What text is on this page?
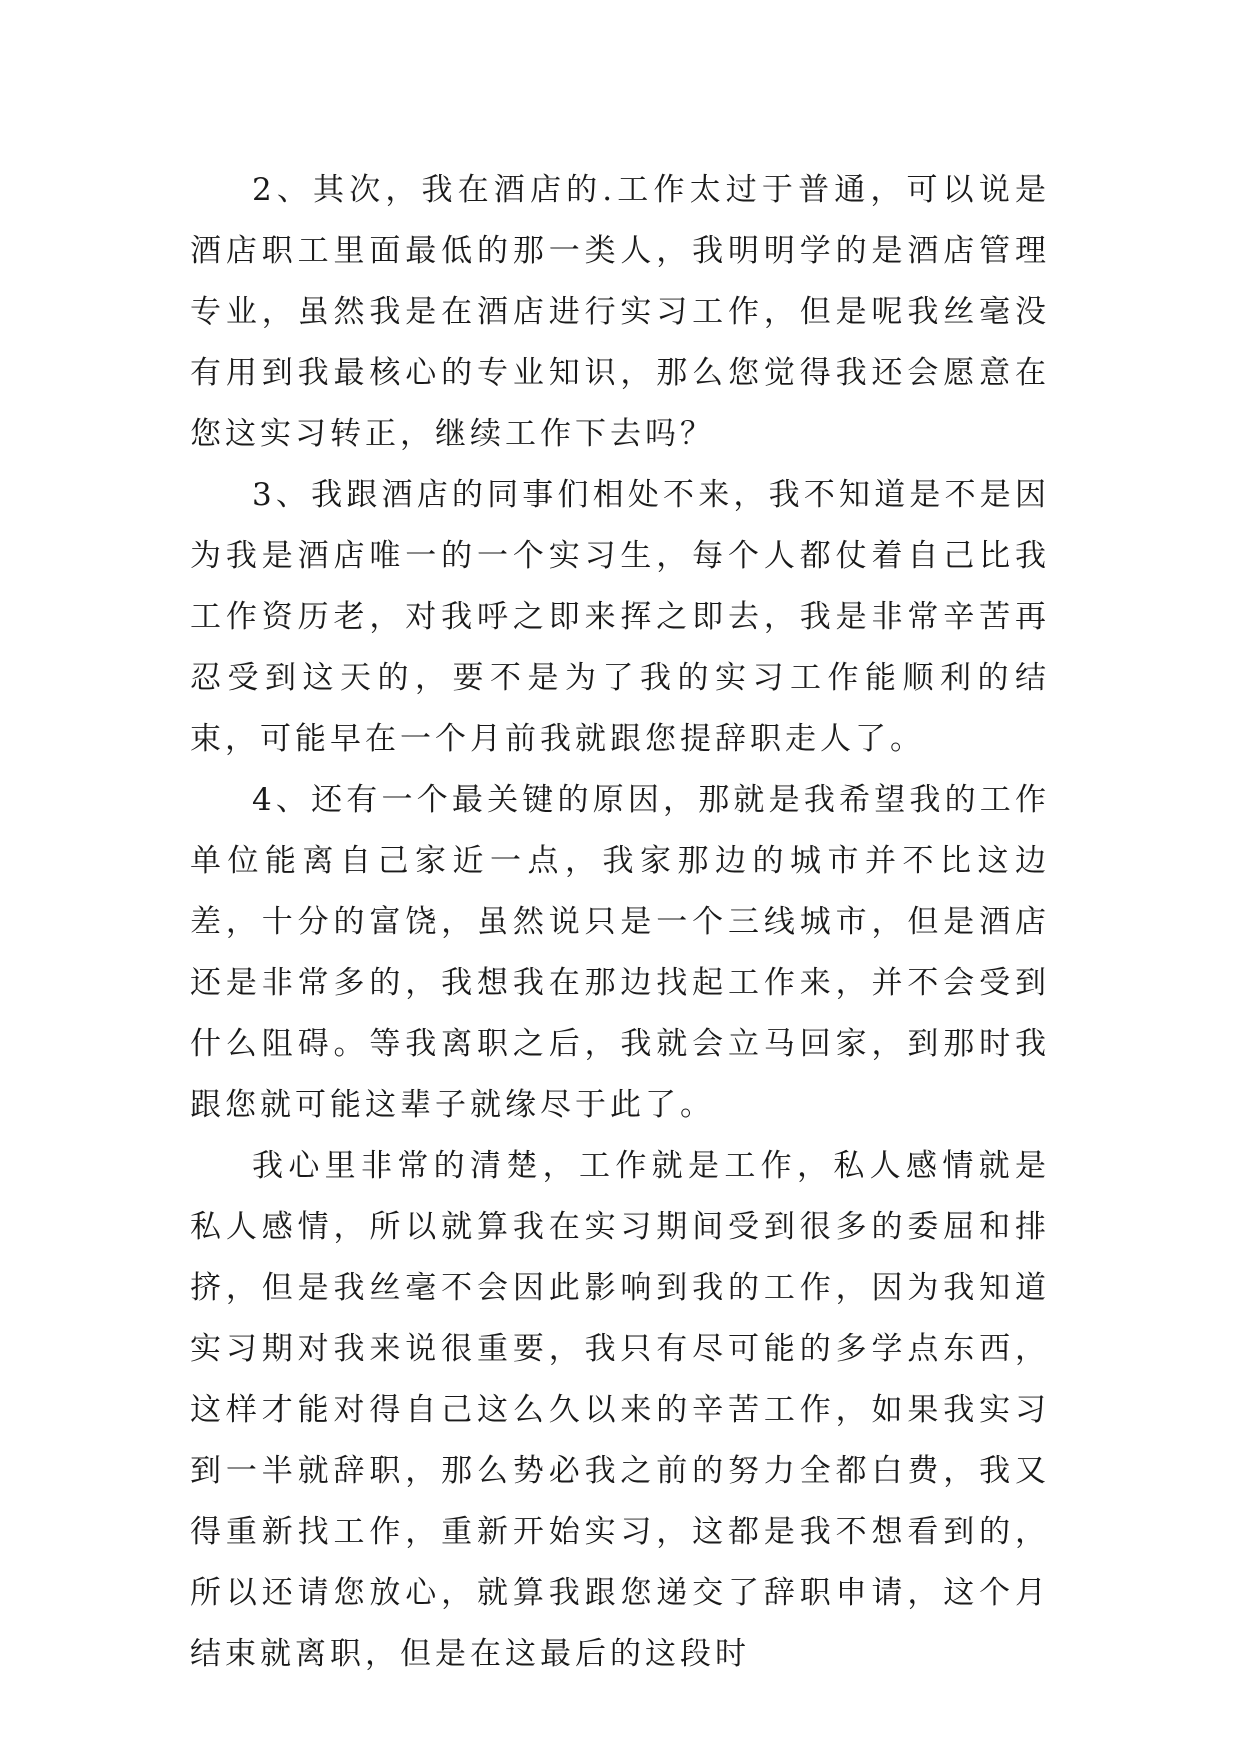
2、其次，我在酒店的.工作太过于普通，可以说是酒店职工里面最低的那一类人，我明明学的是酒店管理专业，虽然我是在酒店进行实习工作，但是呢我丝毫没有用到我最核心的专业知识，那么您觉得我还会愿意在您这实习转正，继续工作下去吗？

3、我跟酒店的同事们相处不来，我不知道是不是因为我是酒店唯一的一个实习生，每个人都仗着自己比我工作资历老，对我呼之即来挥之即去，我是非常辛苦再忍受到这天的，要不是为了我的实习工作能顺利的结束，可能早在一个月前我就跟您提辞职走人了。

4、还有一个最关键的原因，那就是我希望我的工作单位能离自己家近一点，我家那边的城市并不比这边差，十分的富饶，虽然说只是一个三线城市，但是酒店还是非常多的，我想我在那边找起工作来，并不会受到什么阻碍。等我离职之后，我就会立马回家，到那时我跟您就可能这辈子就缘尽于此了。

我心里非常的清楚，工作就是工作，私人感情就是私人感情，所以就算我在实习期间受到很多的委屈和排挤，但是我丝毫不会因此影响到我的工作，因为我知道实习期对我来说很重要，我只有尽可能的多学点东西，这样才能对得自己这么久以来的辛苦工作，如果我实习到一半就辞职，那么势必我之前的努力全都白费，我又得重新找工作，重新开始实习，这都是我不想看到的，所以还请您放心，就算我跟您递交了辞职申请，这个月结束就离职，但是在这最后的这段时
